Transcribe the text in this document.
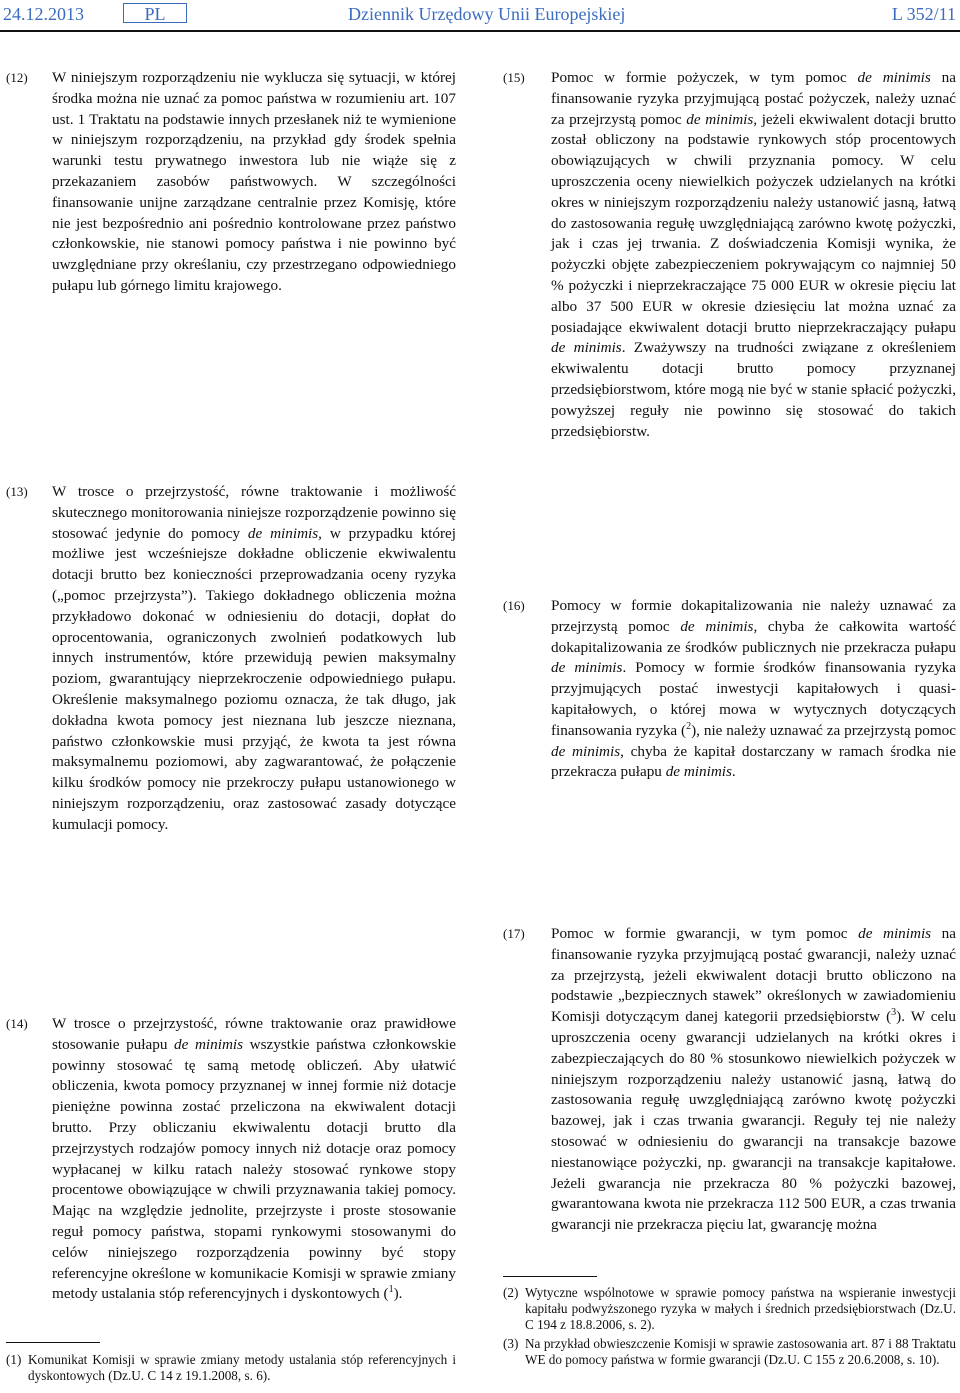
24.12.2013	PL	Dziennik Urzędowy Unii Europejskiej	L 352/11
(12) W niniejszym rozporządzeniu nie wyklucza się sytuacji, w której środka można nie uznać za pomoc państwa w rozumieniu art. 107 ust. 1 Traktatu na podstawie innych przesłanek niż te wymienione w niniejszym rozporządzeniu, na przykład gdy środek spełnia warunki testu prywatnego inwestora lub nie wiąże się z przekazaniem zasobów państwowych. W szczególności finansowanie unijne zarządzane centralnie przez Komisję, które nie jest bezpośrednio ani pośrednio kontrolowane przez państwo członkowskie, nie stanowi pomocy państwa i nie powinno być uwzględniane przy określaniu, czy przestrzegano odpowiedniego pułapu lub górnego limitu krajowego.

(13) W trosce o przejrzystość, równe traktowanie i możliwość skutecznego monitorowania niniejsze rozporządzenie powinno się stosować jedynie do pomocy de minimis, w przypadku której możliwe jest wcześniejsze dokładne obliczenie ekwiwalentu dotacji brutto bez konieczności przeprowadzania oceny ryzyka („pomoc przejrzysta”). Takiego dokładnego obliczenia można przykładowo dokonać w odniesieniu do dotacji, dopłat do oprocentowania, ograniczonych zwolnień podatkowych lub innych instrumentów, które przewidują pewien maksymalny poziom, gwarantujący nieprzekroczenie odpowiedniego pułapu. Określenie maksymalnego poziomu oznacza, że tak długo, jak dokładna kwota pomocy jest nieznana lub jeszcze nieznana, państwo członkowskie musi przyjąć, że kwota ta jest równa maksymalnemu poziomowi, aby zagwarantować, że połączenie kilku środków pomocy nie przekroczy pułapu ustanowionego w niniejszym rozporządzeniu, oraz zastosować zasady dotyczące kumulacji pomocy.

(14) W trosce o przejrzystość, równe traktowanie oraz prawidłowe stosowanie pułapu de minimis wszystkie państwa członkowskie powinny stosować tę samą metodę obliczeń. Aby ułatwić obliczenia, kwota pomocy przyznanej w innej formie niż dotacje pieniężne powinna zostać przeliczona na ekwiwalent dotacji brutto. Przy obliczaniu ekwiwalentu dotacji brutto dla przejrzystych rodzajów pomocy innych niż dotacje oraz pomocy wypłacanej w kilku ratach należy stosować rynkowe stopy procentowe obowiązujące w chwili przyznawania takiej pomocy. Mając na względzie jednolite, przejrzyste i proste stosowanie reguł pomocy państwa, stopami rynkowymi stosowanymi do celów niniejszego rozporządzenia powinny być stopy referencyjne określone w komunikacie Komisji w sprawie zmiany metody ustalania stóp referencyjnych i dyskontowych ($^1$).

(15) Pomoc w formie pożyczek, w tym pomoc de minimis na finansowanie ryzyka przyjmującą postać pożyczek, należy uznać za przejrzystą pomoc de minimis, jeżeli ekwiwalent dotacji brutto został obliczony na podstawie rynkowych stóp procentowych obowiązujących w chwili przyznania pomocy. W celu uproszczenia oceny niewielkich pożyczek udzielanych na krótki okres w niniejszym rozporządzeniu należy ustanowić jasną, łatwą do zastosowania regułę uwzględniającą zarówno kwotę pożyczki, jak i czas jej trwania. Z doświadczenia Komisji wynika, że pożyczki objęte zabezpieczeniem pokrywającym co najmniej 50 % pożyczki i nieprzekraczające 75 000 EUR w okresie pięciu lat albo 37 500 EUR w okresie dziesięciu lat można uznać za posiadające ekwiwalent dotacji brutto nieprzekraczający pułapu de minimis. Zważywszy na trudności związane z określeniem ekwiwalentu dotacji brutto pomocy przyznanej przedsiębiorstwom, które mogą nie być w stanie spłacić pożyczki, powyższej reguły nie powinno się stosować do takich przedsiębiorstw.

(16) Pomocy w formie dokapitalizowania nie należy uznawać za przejrzystą pomoc de minimis, chyba że całkowita wartość dokapitalizowania ze środków publicznych nie przekracza pułapu de minimis. Pomocy w formie środków finansowania ryzyka przyjmujących postać inwestycji kapitałowych i quasi-kapitałowych, o której mowa w wytycznych dotyczących finansowania ryzyka ($^2$), nie należy uznawać za przejrzystą pomoc de minimis, chyba że kapitał dostarczany w ramach środka nie przekracza pułapu de minimis.

(17) Pomoc w formie gwarancji, w tym pomoc de minimis na finansowanie ryzyka przyjmującą postać gwarancji, należy uznać za przejrzystą, jeżeli ekwiwalent dotacji brutto obliczono na podstawie „bezpiecznych stawek” określonych w zawiadomieniu Komisji dotyczącym danej kategorii przedsiębiorstw ($^3$). W celu uproszczenia oceny gwarancji udzielanych na krótki okres i zabezpieczających do 80 % stosunkowo niewielkich pożyczek w niniejszym rozporządzeniu należy ustanowić jasną, łatwą do zastosowania regułę uwzględniającą zarówno kwotę pożyczki bazowej, jak i czas trwania gwarancji. Reguły tej nie należy stosować w odniesieniu do gwarancji na transakcje bazowe niestanowiące pożyczki, np. gwarancji na transakcje kapitałowe. Jeżeli gwarancja nie przekracza 80 % pożyczki bazowej, gwarantowana kwota nie przekracza 112 500 EUR, a czas trwania gwarancji nie przekracza pięciu lat, gwarancję można

(1) Komunikat Komisji w sprawie zmiany metody ustalania stóp referencyjnych i dyskontowych (Dz.U. C 14 z 19.1.2008, s. 6).
(2) Wytyczne wspólnotowe w sprawie pomocy państwa na wspieranie inwestycji kapitału podwyższonego ryzyka w małych i średnich przedsiębiorstwach (Dz.U. C 194 z 18.8.2006, s. 2).
(3) Na przykład obwieszczenie Komisji w sprawie zastosowania art. 87 i 88 Traktatu WE do pomocy państwa w formie gwarancji (Dz.U. C 155 z 20.6.2008, s. 10).
